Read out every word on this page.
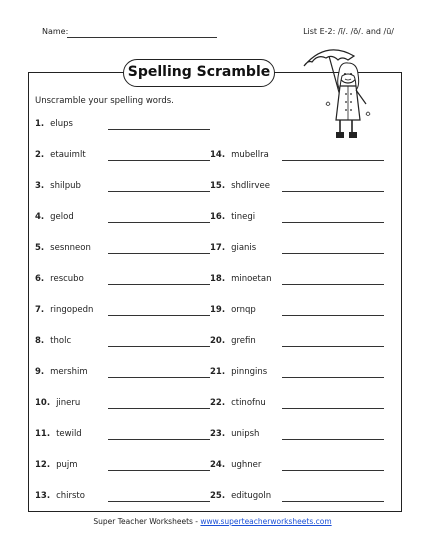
Name:	List E-2: /ī/. /ō/. and /ū/
Spelling Scramble
Unscramble your spelling words.
1. elups
2. etauimlt
3. shilpub
4. gelod
5. sesnneon
6. rescubo
7. ringopedn
8. tholc
9. mershim
10. jineru
11. tewild
12. pujm
13. chirsto
14. mubellra
15. shdlirvee
16. tinegi
17. gianis
18. minoetan
19. ornqp
20. grefin
21. pinngins
22. ctinofnu
23. unipsh
24. ughner
25. editugoln
Super Teacher Worksheets - www.superteacherworksheets.com
